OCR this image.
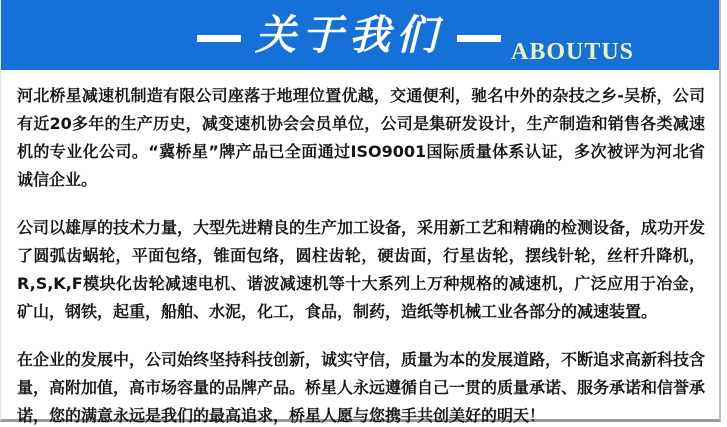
— 关于我们 — ABOUTUS

河北桥星减速机制造有限公司座落于地理位置优越，交通便利，驰名中外的杂技之乡-吴桥，公司有近20多年的生产历史，减变速机协会会员单位，公司是集研发设计，生产制造和销售各类减速机的专业化公司。“冀桥星”牌产品已全面通过ISO9001国际质量体系认证，多次被评为河北省诚信企业。

公司以雄厚的技术力量，大型先进精良的生产加工设备，采用新工艺和精确的检测设备，成功开发了圆弧齿蜗轮，平面包络，锥面包络，圆柱齿轮，硬齿面，行星齿轮，摆线针轮，丝杆升降机，R,S,K,F模块化齿轮减速电机、谐波减速机等十大系列上万种规格的减速机，广泛应用于冶金，矿山，钢铁，起重，船舶、水泥，化工，食品，制药，造纸等机械工业各部分的减速装置。

在企业的发展中，公司始终坚持科技创新，诚实守信，质量为本的发展道路，不断追求高新科技含量，高附加值，高市场容量的品牌产品。桥星人永远遵循自己一贯的质量承诺、服务承诺和信誉承诺，您的满意永远是我们的最高追求，桥星人愿与您携手共创美好的明天！
